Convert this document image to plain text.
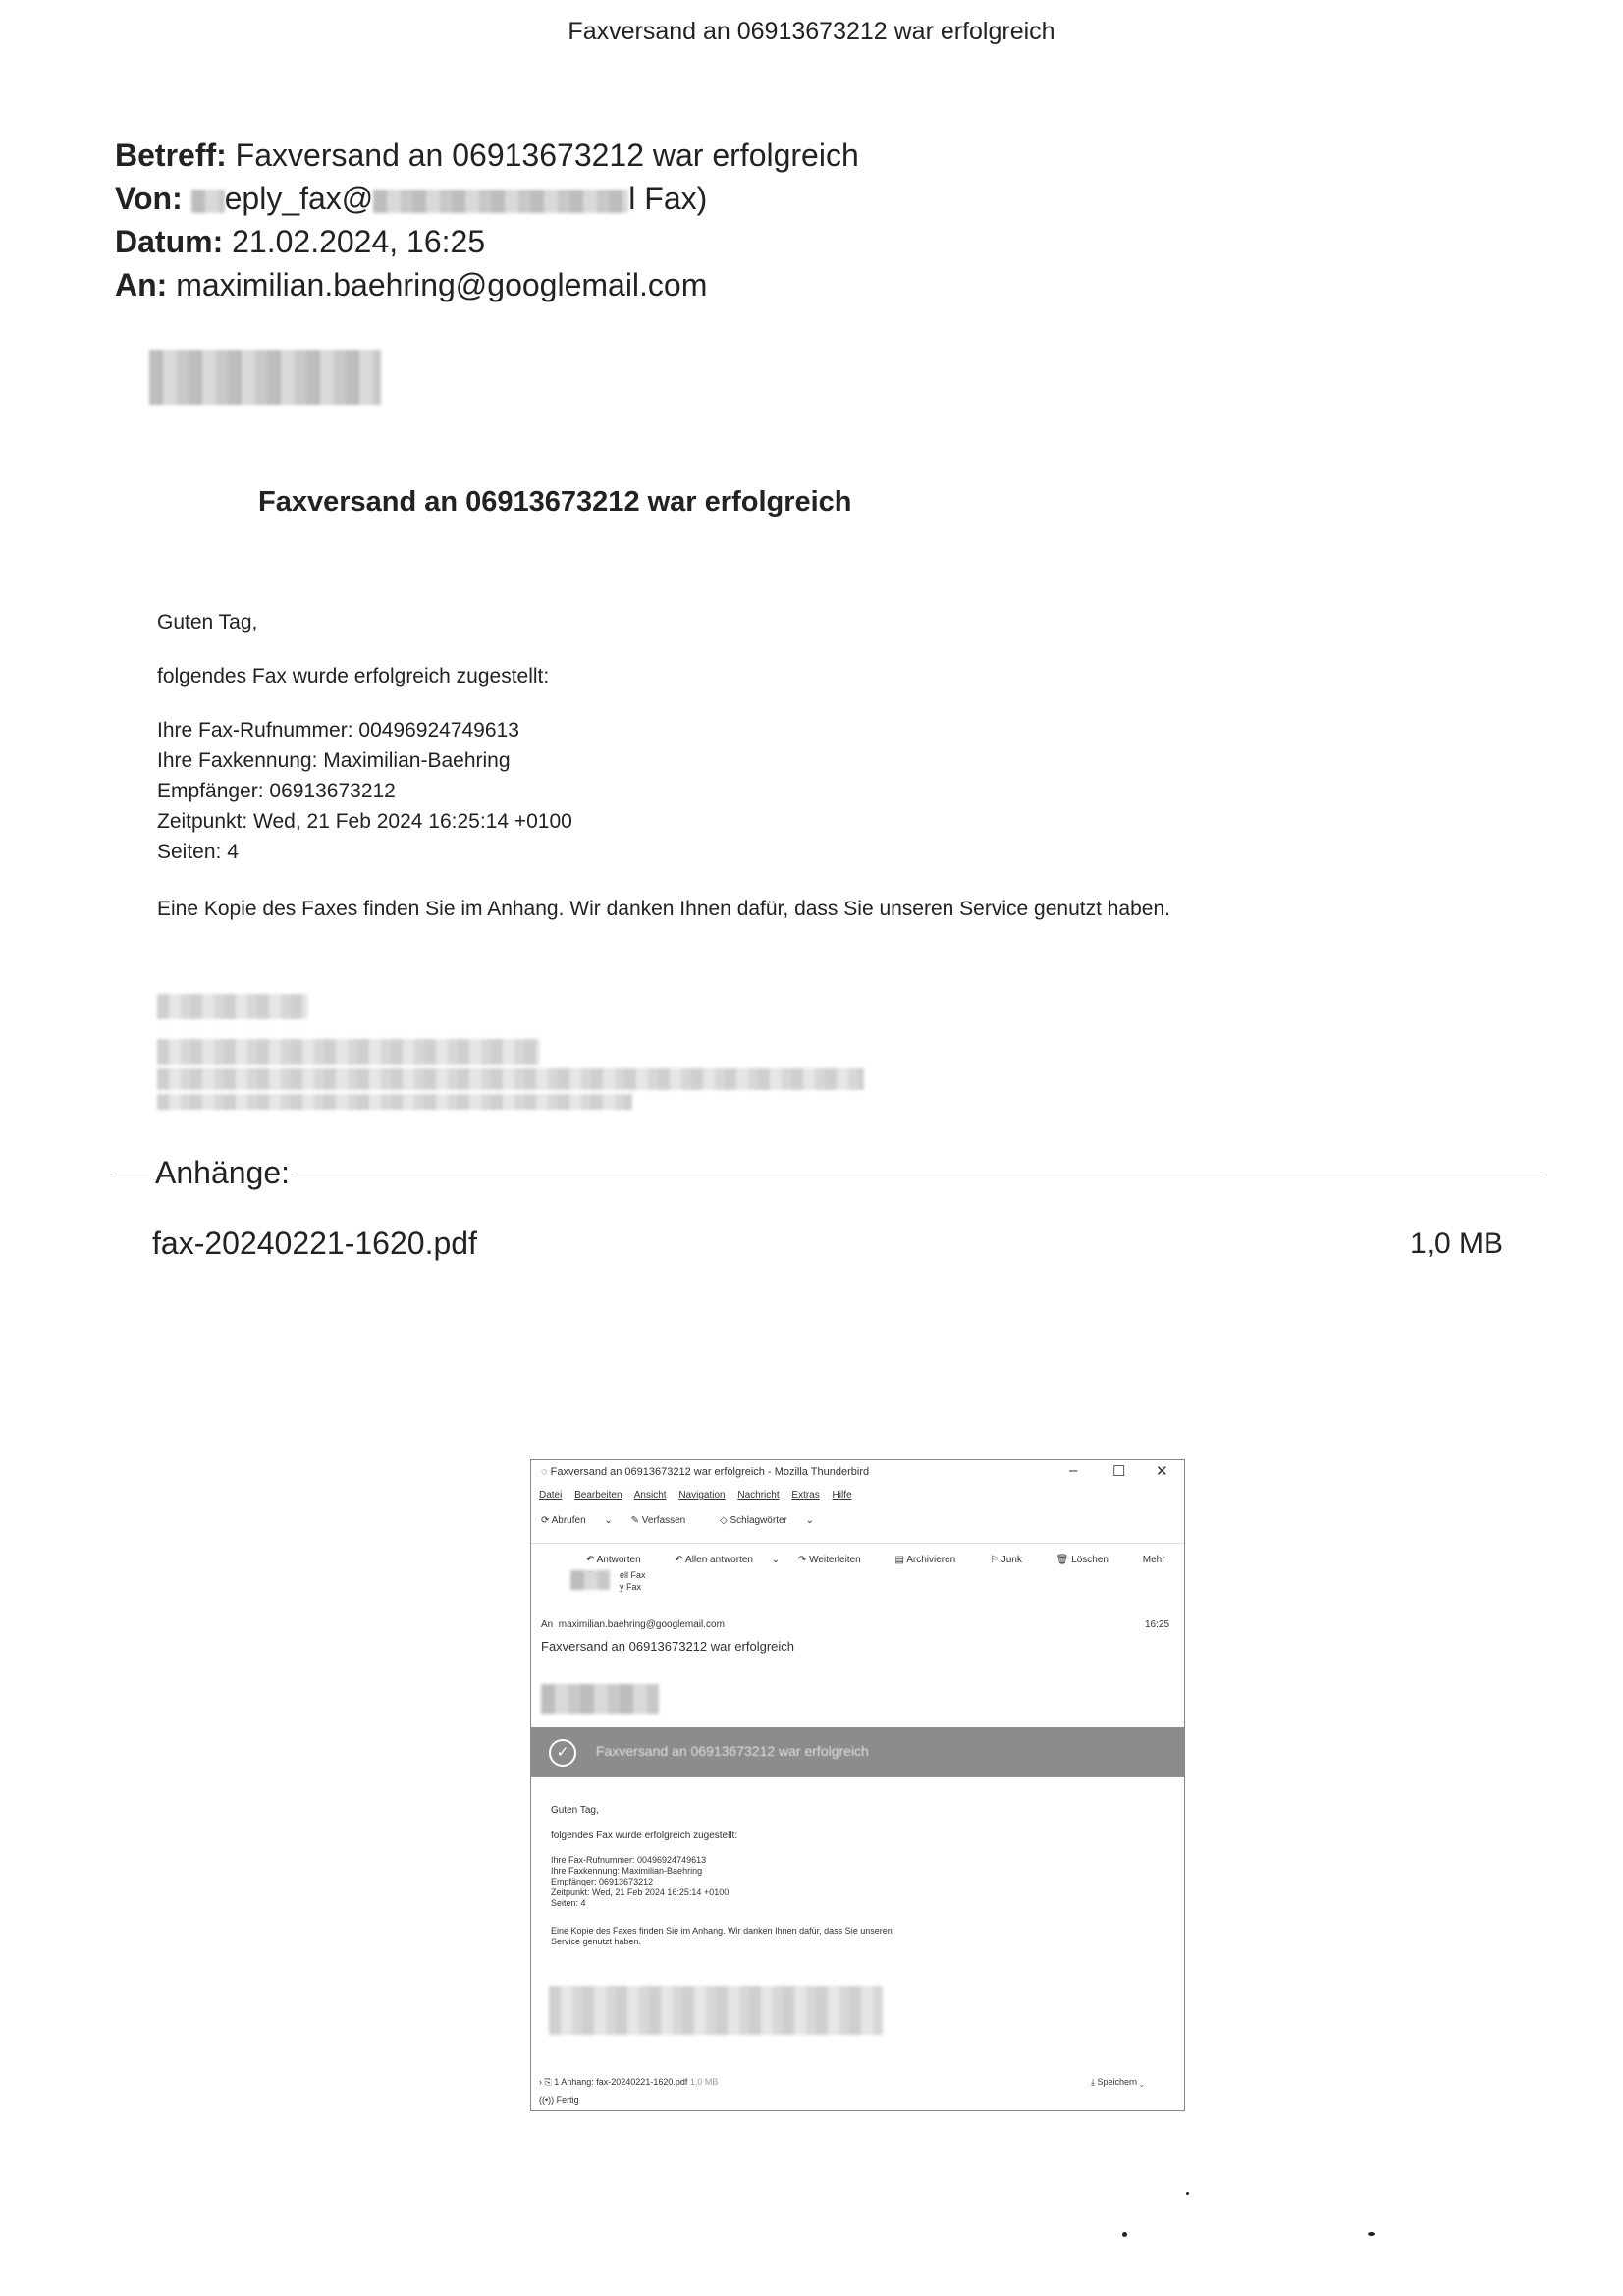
Faxversand an 06913673212 war erfolgreich
Betreff: Faxversand an 06913673212 war erfolgreich
Von: eply_fax@	l Fax)
Datum: 21.02.2024, 16:25
An: maximilian.baehring@googlemail.com
Faxversand an 06913673212 war erfolgreich
Guten Tag,
folgendes Fax wurde erfolgreich zugestellt:
Ihre Fax-Rufnummer: 00496924749613
Ihre Faxkennung: Maximilian-Baehring
Empfänger: 06913673212
Zeitpunkt: Wed, 21 Feb 2024 16:25:14 +0100
Seiten: 4
Eine Kopie des Faxes finden Sie im Anhang. Wir danken Ihnen dafür, dass Sie unseren Service genutzt haben.
Anhänge:
fax-20240221-1620.pdf	1,0 MB
◌ Faxversand an 06913673212 war erfolgreich - Mozilla Thunderbird	– ☐ ✕
Datei Bearbeiten Ansicht Navigation Nachricht Extras Hilfe
⟳ Abrufen ⌄ ✎ Verfassen	◇ Schlagwörter ⌄
↶ Antworten	↶ Allen antworten ⌄ ↷ Weiterleiten	▤ Archivieren	⚐ Junk	🗑 Löschen	Mehr
ell Fax
y Fax
An maximilian.baehring@googlemail.com	16:25
Faxversand an 06913673212 war erfolgreich
✓	Faxversand an 06913673212 war erfolgreich
Guten Tag,
folgendes Fax wurde erfolgreich zugestellt:
Ihre Fax-Rufnummer: 00496924749613
Ihre Faxkennung: Maximilian-Baehring
Empfänger: 06913673212
Zeitpunkt: Wed, 21 Feb 2024 16:25:14 +0100
Seiten: 4
Eine Kopie des Faxes finden Sie im Anhang. Wir danken Ihnen dafür, dass Sie unseren
Service genutzt haben.
› ⎘ 1 Anhang: fax-20240221-1620.pdf 1,0 MB	⤓ Speichern ⌄
((•)) Fertig
